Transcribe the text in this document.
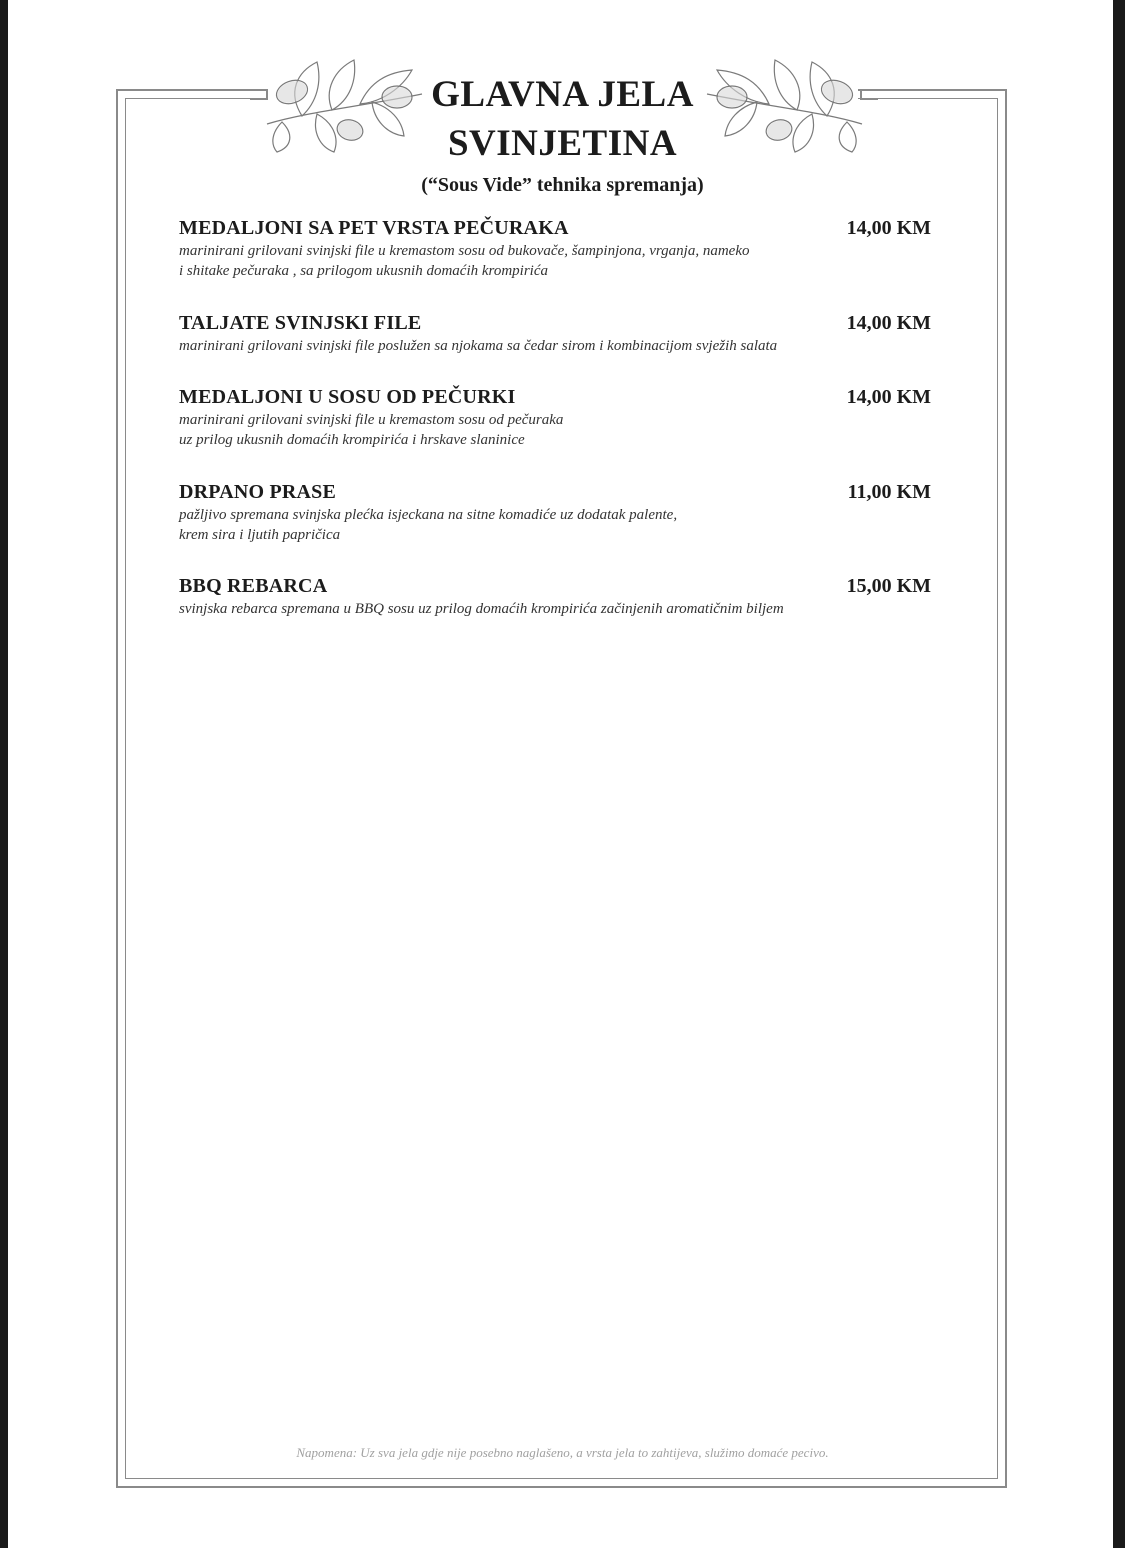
GLAVNA JELA
SVINJETINA
(“Sous Vide” tehnika spremanja)
MEDALJONI SA PET VRSTA PEČURAKA	14,00 KM
marinirani grilovani svinjski file u kremastom sosu od bukovače, šampinjona, vrganja, nameko
i shitake pečuraka , sa prilogom ukusnih domaćih krompirića
TALJATE SVINJSKI FILE	14,00 KM
marinirani grilovani svinjski file poslužen sa njokama sa čedar sirom i kombinacijom svježih salata
MEDALJONI U SOSU OD PEČURKI	14,00 KM
marinirani grilovani svinjski file u kremastom sosu od pečuraka
uz prilog ukusnih domaćih krompirića i hrskave slaninice
DRPANO PRASE	11,00 KM
pažljivo spremana svinjska plećka isjeckana na sitne komadiće uz dodatak palente,
krem sira i ljutih papričica
BBQ REBARCA	15,00 KM
svinjska rebarca spremana u BBQ sosu uz prilog domaćih krompirića začinjenih aromatičnim biljem
Napomena: Uz sva jela gdje nije posebno naglašeno, a vrsta jela to zahtijeva, služimo domaće pecivo.
